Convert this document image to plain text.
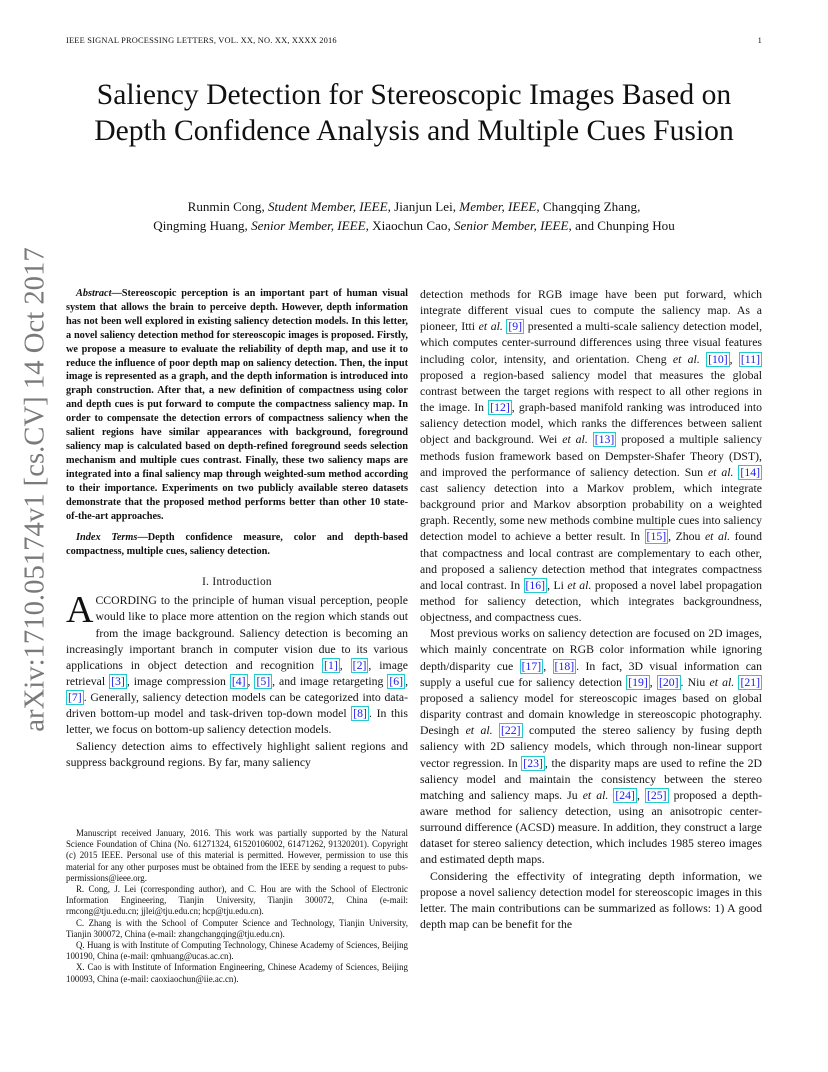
IEEE SIGNAL PROCESSING LETTERS, VOL. XX, NO. XX, XXXX 2016	1
Saliency Detection for Stereoscopic Images Based on Depth Confidence Analysis and Multiple Cues Fusion
Runmin Cong, Student Member, IEEE, Jianjun Lei, Member, IEEE, Changqing Zhang,
Qingming Huang, Senior Member, IEEE, Xiaochun Cao, Senior Member, IEEE, and Chunping Hou
arXiv:1710.05174v1 [cs.CV] 14 Oct 2017	Abstract—Stereoscopic perception is an important part of human visual system that allows the brain to perceive depth. However, depth information has not been well explored in existing saliency detection models. In this letter, a novel saliency detection method for stereoscopic images is proposed. Firstly, we propose a measure to evaluate the reliability of depth map, and use it to reduce the influence of poor depth map on saliency detection. Then, the input image is represented as a graph, and the depth information is introduced into graph construction. After that, a new definition of compactness using color and depth cues is put forward to compute the compactness saliency map. In order to compensate the detection errors of compactness saliency when the salient regions have similar appearances with background, foreground saliency map is calculated based on depth-refined foreground seeds selection mechanism and multiple cues contrast. Finally, these two saliency maps are integrated into a final saliency map through weighted-sum method according to their importance. Experiments on two publicly available stereo datasets demonstrate that the proposed method performs better than other 10 state-of-the-art approaches.

Index Terms—Depth confidence measure, color and depth-based compactness, multiple cues, saliency detection.

I. Introduction

ACCORDING to the principle of human visual perception, people would like to place more attention on the region which stands out from the image background. Saliency detection is becoming an increasingly important branch in computer vision due to its various applications in object detection and recognition [1] , [2] , image retrieval [3] , image compression [4] , [5] , and image retargeting [6] , [7] . Generally, saliency detection models can be categorized into data-driven bottom-up model and task-driven top-down model [8] . In this letter, we focus on bottom-up saliency detection models.

Saliency detection aims to effectively highlight salient regions and suppress background regions. By far, many saliency

Manuscript received January, 2016. This work was partially supported by the Natural Science Foundation of China (No. 61271324, 61520106002, 61471262, 91320201). Copyright (c) 2015 IEEE. Personal use of this material is permitted. However, permission to use this material for any other purposes must be obtained from the IEEE by sending a request to pubs-permissions@ieee.org.

R. Cong, J. Lei (corresponding author), and C. Hou are with the School of Electronic Information Engineering, Tianjin University, Tianjin 300072, China (e-mail: rmcong@tju.edu.cn; jjlei@tju.edu.cn; hcp@tju.edu.cn).

C. Zhang is with the School of Computer Science and Technology, Tianjin University, Tianjin 300072, China (e-mail: zhangchangqing@tju.edu.cn).

Q. Huang is with Institute of Computing Technology, Chinese Academy of Sciences, Beijing 100190, China (e-mail: qmhuang@ucas.ac.cn).

X. Cao is with Institute of Information Engineering, Chinese Academy of Sciences, Beijing 100093, China (e-mail: caoxiaochun@iie.ac.cn).

detection methods for RGB image have been put forward, which integrate different visual cues to compute the saliency map. As a pioneer, Itti et al. [9] presented a multi-scale saliency detection model, which computes center-surround differences using three visual features including color, intensity, and orientation. Cheng et al. [10] , [11] proposed a region-based saliency model that measures the global contrast between the target regions with respect to all other regions in the image. In [12] , graph-based manifold ranking was introduced into saliency detection model, which ranks the differences between salient object and background. Wei et al. [13] proposed a multiple saliency methods fusion framework based on Dempster-Shafer Theory (DST), and improved the performance of saliency detection. Sun et al. [14] cast saliency detection into a Markov problem, which integrate background prior and Markov absorption probability on a weighted graph. Recently, some new methods combine multiple cues into saliency detection model to achieve a better result. In [15] , Zhou et al. found that compactness and local contrast are complementary to each other, and proposed a saliency detection method that integrates compactness and local contrast. In [16] , Li et al. proposed a novel label propagation method for saliency detection, which integrates backgroundness, objectness, and compactness cues.

Most previous works on saliency detection are focused on 2D images, which mainly concentrate on RGB color information while ignoring depth/disparity cue [17] , [18] . In fact, 3D visual information can supply a useful cue for saliency detection [19] , [20] . Niu et al. [21] proposed a saliency model for stereoscopic images based on global disparity contrast and domain knowledge in stereoscopic photography. Desingh et al. [22] computed the stereo saliency by fusing depth saliency with 2D saliency models, which through non-linear support vector regression. In [23] , the disparity maps are used to refine the 2D saliency model and maintain the consistency between the stereo matching and saliency maps. Ju et al. [24] , [25] proposed a depth-aware method for saliency detection, using an anisotropic center-surround difference (ACSD) measure. In addition, they construct a large dataset for stereo saliency detection, which includes 1985 stereo images and estimated depth maps.

Considering the effectivity of integrating depth information, we propose a novel saliency detection model for stereoscopic images in this letter. The main contributions can be summarized as follows: 1) A good depth map can be benefit for the
